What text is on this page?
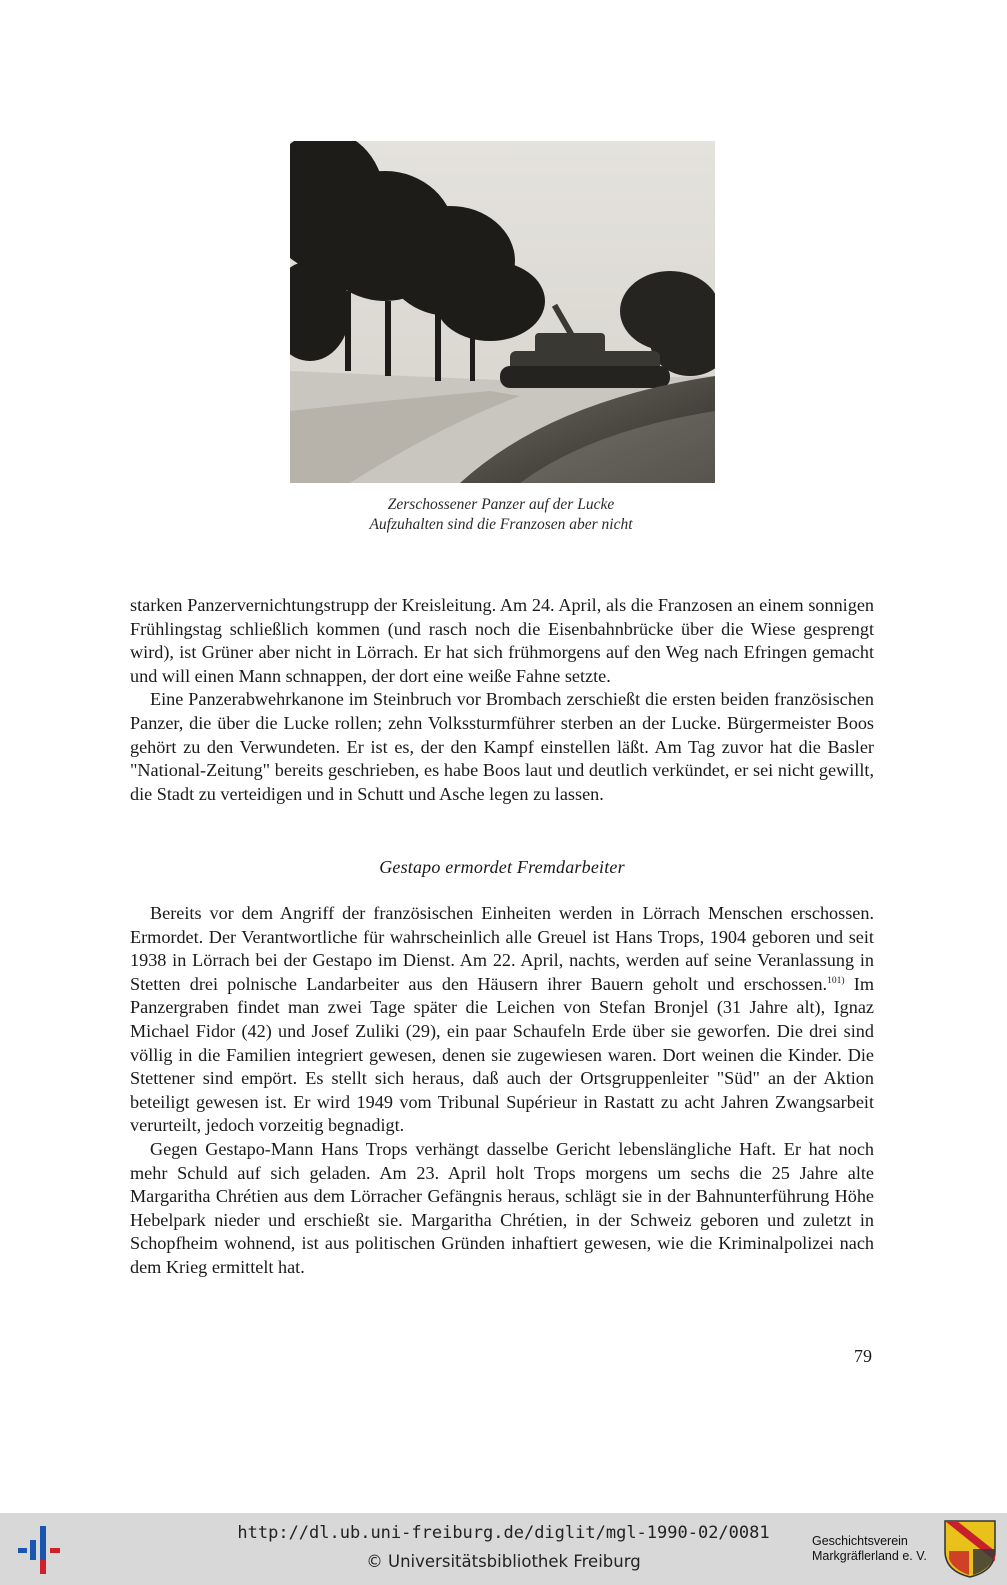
Zerschossener Panzer auf der Lucke
Aufzuhalten sind die Franzosen aber nicht

starken Panzervernichtungstrupp der Kreisleitung. Am 24. April, als die Franzosen an einem sonnigen Frühlingstag schließlich kommen (und rasch noch die Eisenbahnbrücke über die Wiese gesprengt wird), ist Grüner aber nicht in Lörrach. Er hat sich frühmorgens auf den Weg nach Efringen gemacht und will einen Mann schnappen, der dort eine weiße Fahne setzte.

Eine Panzerabwehrkanone im Steinbruch vor Brombach zerschießt die ersten beiden französischen Panzer, die über die Lucke rollen; zehn Volkssturmführer sterben an der Lucke. Bürgermeister Boos gehört zu den Verwundeten. Er ist es, der den Kampf einstellen läßt. Am Tag zuvor hat die Basler "National-Zeitung" bereits geschrieben, es habe Boos laut und deutlich verkündet, er sei nicht gewillt, die Stadt zu verteidigen und in Schutt und Asche legen zu lassen.

Gestapo ermordet Fremdarbeiter

Bereits vor dem Angriff der französischen Einheiten werden in Lörrach Menschen erschossen. Ermordet. Der Verantwortliche für wahrscheinlich alle Greuel ist Hans Trops, 1904 geboren und seit 1938 in Lörrach bei der Gestapo im Dienst. Am 22. April, nachts, werden auf seine Veranlassung in Stetten drei polnische Landarbeiter aus den Häusern ihrer Bauern geholt und erschossen.$^{101)}$ Im Panzergraben findet man zwei Tage später die Leichen von Stefan Bronjel (31 Jahre alt), Ignaz Michael Fidor (42) und Josef Zuliki (29), ein paar Schaufeln Erde über sie geworfen. Die drei sind völlig in die Familien integriert gewesen, denen sie zugewiesen waren. Dort weinen die Kinder. Die Stettener sind empört. Es stellt sich heraus, daß auch der Ortsgruppenleiter "Süd" an der Aktion beteiligt gewesen ist. Er wird 1949 vom Tribunal Supérieur in Rastatt zu acht Jahren Zwangsarbeit verurteilt, jedoch vorzeitig begnadigt.

Gegen Gestapo-Mann Hans Trops verhängt dasselbe Gericht lebenslängliche Haft. Er hat noch mehr Schuld auf sich geladen. Am 23. April holt Trops morgens um sechs die 25 Jahre alte Margaritha Chrétien aus dem Lörracher Gefängnis heraus, schlägt sie in der Bahnunterführung Höhe Hebelpark nieder und erschießt sie. Margaritha Chrétien, in der Schweiz geboren und zuletzt in Schopfheim wohnend, ist aus politischen Gründen inhaftiert gewesen, wie die Kriminalpolizei nach dem Krieg ermittelt hat.

79
http://dl.ub.uni-freiburg.de/diglit/mgl-1990-02/0081
© Universitätsbibliothek Freiburg
Geschichtsverein
Markgräflerland e. V.
